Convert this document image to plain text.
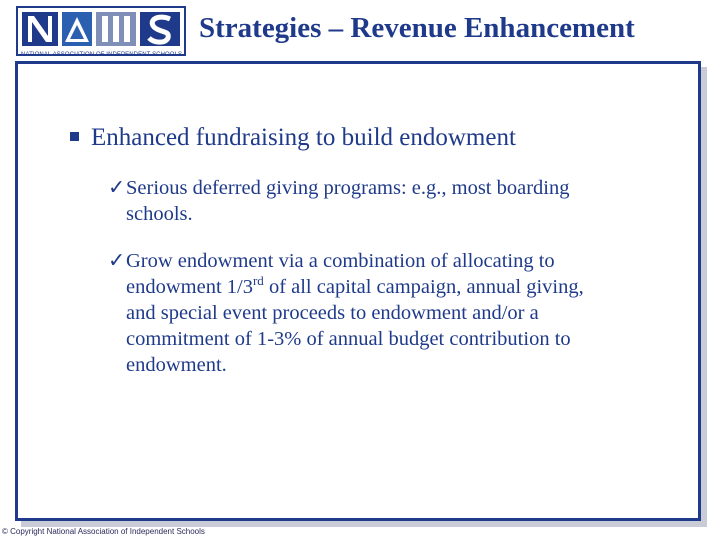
NATIONAL ASSOCIATION OF INDEPENDENT SCHOOLS
Strategies – Revenue Enhancement
Enhanced fundraising to build endowment
✓Serious deferred giving programs: e.g., most boarding
schools.
✓Grow endowment via a combination of allocating to
endowment 1/3rd of all capital campaign, annual giving,
and special event proceeds to endowment and/or a
commitment of 1-3% of annual budget contribution to
endowment.
© Copyright National Association of Independent Schools
